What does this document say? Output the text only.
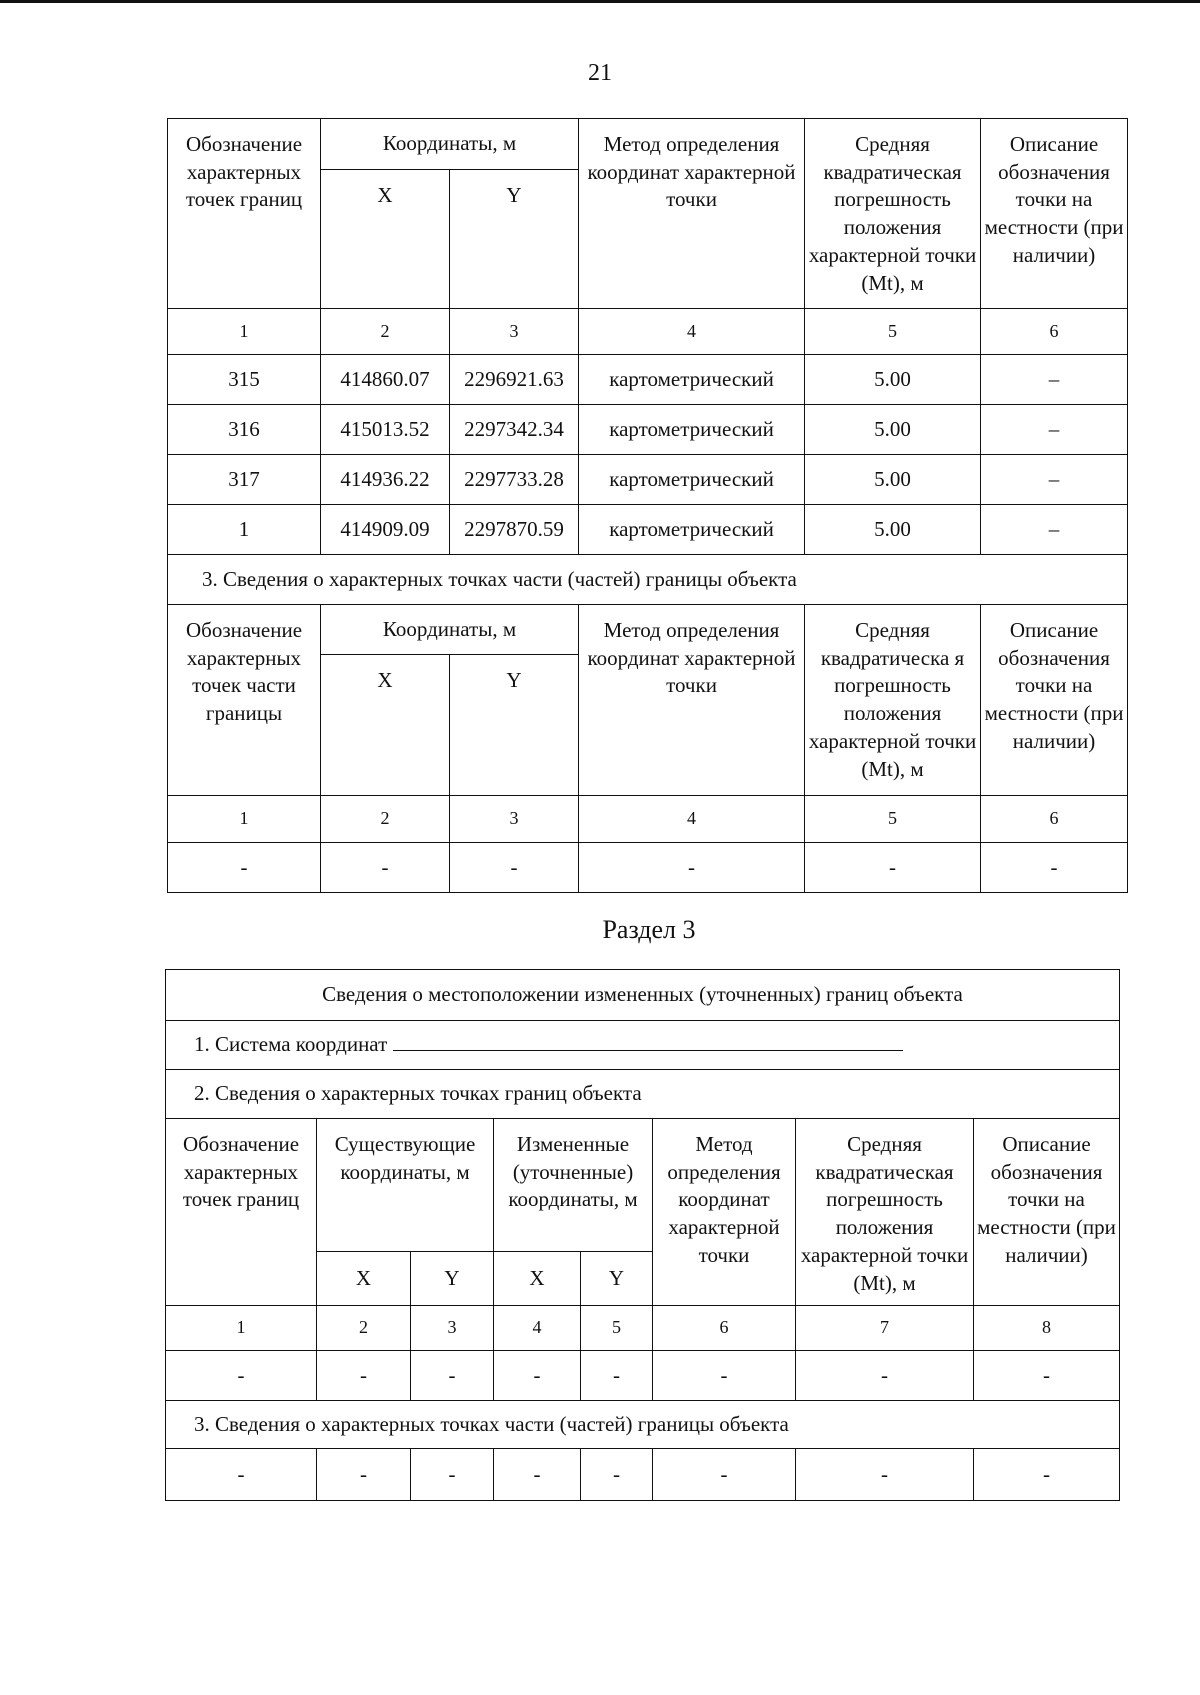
21
Обозначение характерных точек границ	Координаты, м		Метод определения координат характерной точки	Средняя квадратическая погрешность положения характерной точки (Mt), м	Описание обозначения точки на местности (при наличии)
	X	Y			
1	2	3	4	5	6
315	414860.07	2296921.63	картометрический	5.00	–
316	415013.52	2297342.34	картометрический	5.00	–
317	414936.22	2297733.28	картометрический	5.00	–
1	414909.09	2297870.59	картометрический	5.00	–
3. Сведения о характерных точках части (частей) границы объекта					
Обозначение характерных точек части границы	Координаты, м		Метод определения координат характерной точки	Средняя квадратическа я погрешность положения характерной точки (Mt), м	Описание обозначения точки на местности (при наличии)
	X	Y			
1	2	3	4	5	6
-	-	-	-	-	-
Раздел 3
Сведения о местоположении измененных (уточненных) границ объекта							
1. Система координат							
2. Сведения о характерных точках границ объекта							
Обозначение характерных точек границ	Существующие координаты, м		Измененные (уточненные) координаты, м		Метод определения координат характерной точки	Средняя квадратическая погрешность положения характерной точки (Mt), м	Описание обозначения точки на местности (при наличии)
	X	Y	X	Y			
1	2	3	4	5	6	7	8
-	-	-	-	-	-	-	-
3. Сведения о характерных точках части (частей) границы объекта							
-	-	-	-	-	-	-	-
